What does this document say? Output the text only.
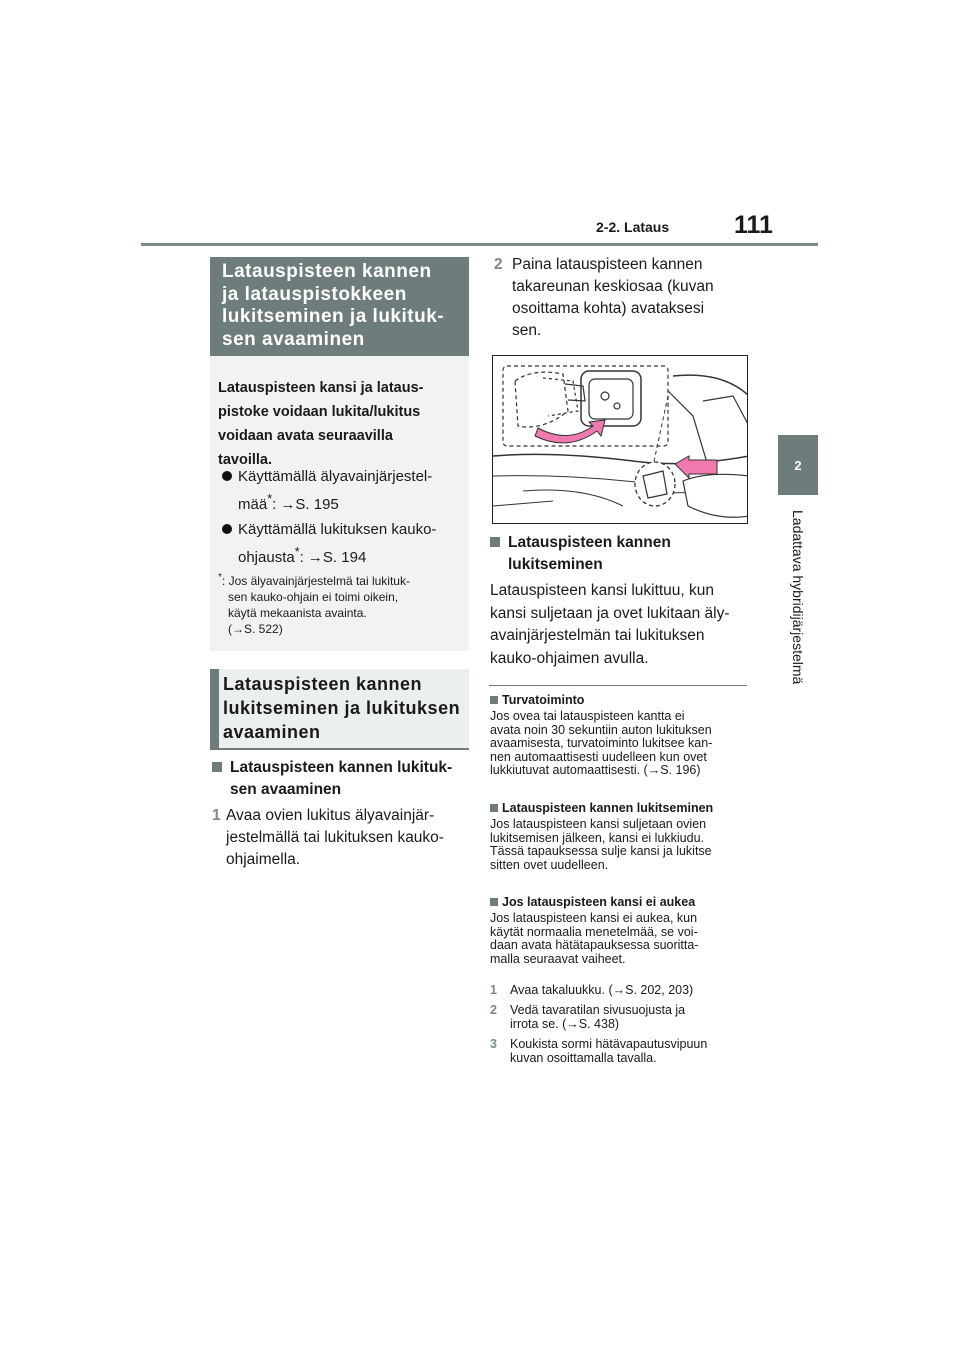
2-2. Lataus	111
2
Ladattava hybridijärjestelmä
Latauspisteen kannen
ja latauspistokkeen
lukitseminen ja lukituk-
sen avaaminen
Latauspisteen kansi ja lataus-
pistoke voidaan lukita/lukitus
voidaan avata seuraavilla
tavoilla.
Käyttämällä älyavainjärjestel-
mää*: →S. 195
Käyttämällä lukituksen kauko-
ohjausta*: →S. 194
*: Jos älyavainjärjestelmä tai lukituk-
sen kauko-ohjain ei toimi oikein,
käytä mekaanista avainta.
(→S. 522)
Latauspisteen kannen
lukitseminen ja lukituksen
avaaminen
Latauspisteen kannen lukituk-
sen avaaminen
1 Avaa ovien lukitus älyavainjär-
jestelmällä tai lukituksen kauko-
ohjaimella.
2 Paina latauspisteen kannen
takareunan keskiosaa (kuvan
osoittama kohta) avataksesi
sen.
Latauspisteen kannen
lukitseminen
Latauspisteen kansi lukittuu, kun
kansi suljetaan ja ovet lukitaan äly-
avainjärjestelmän tai lukituksen
kauko-ohjaimen avulla.
Turvatoiminto
Jos ovea tai latauspisteen kantta ei
avata noin 30 sekuntiin auton lukituksen
avaamisesta, turvatoiminto lukitsee kan-
nen automaattisesti uudelleen kun ovet
lukkiutuvat automaattisesti. (→S. 196)
Latauspisteen kannen lukitseminen
Jos latauspisteen kansi suljetaan ovien
lukitsemisen jälkeen, kansi ei lukkiudu.
Tässä tapauksessa sulje kansi ja lukitse
sitten ovet uudelleen.
Jos latauspisteen kansi ei aukea
Jos latauspisteen kansi ei aukea, kun
käytät normaalia menetelmää, se voi-
daan avata hätätapauksessa suoritta-
malla seuraavat vaiheet.
1 Avaa takaluukku. (→S. 202, 203)
2 Vedä tavaratilan sivusuojusta ja
irrota se. (→S. 438)
3 Koukista sormi hätävapautusvipuun
kuvan osoittamalla tavalla.
